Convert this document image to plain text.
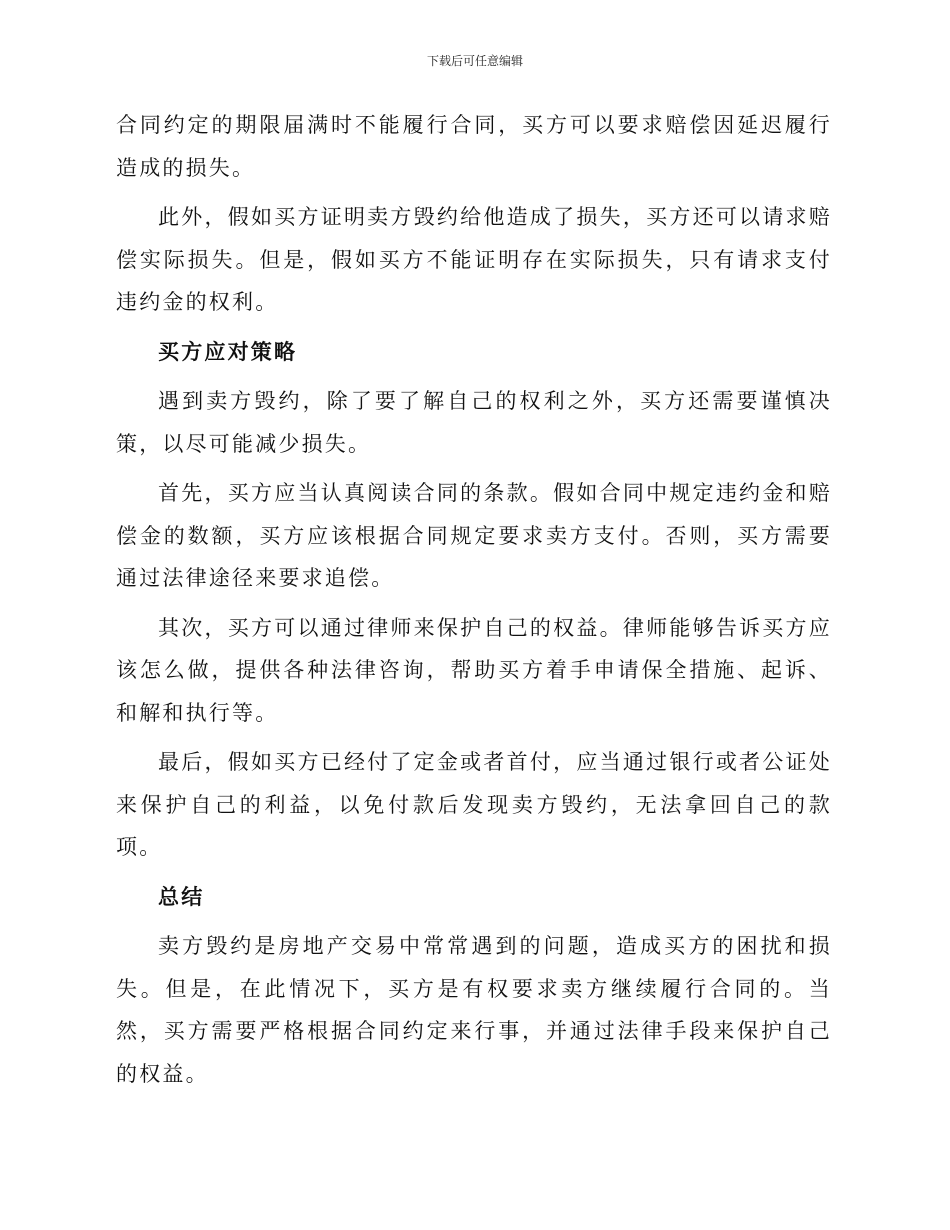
下载后可任意编辑

合同约定的期限届满时不能履行合同，买方可以要求赔偿因延迟履行造成的损失。

此外，假如买方证明卖方毁约给他造成了损失，买方还可以请求赔偿实际损失。但是，假如买方不能证明存在实际损失，只有请求支付违约金的权利。

买方应对策略

遇到卖方毁约，除了要了解自己的权利之外，买方还需要谨慎决策，以尽可能减少损失。

首先，买方应当认真阅读合同的条款。假如合同中规定违约金和赔偿金的数额，买方应该根据合同规定要求卖方支付。否则，买方需要通过法律途径来要求追偿。

其次，买方可以通过律师来保护自己的权益。律师能够告诉买方应该怎么做，提供各种法律咨询，帮助买方着手申请保全措施、起诉、和解和执行等。

最后，假如买方已经付了定金或者首付，应当通过银行或者公证处来保护自己的利益，以免付款后发现卖方毁约，无法拿回自己的款项。

总结

卖方毁约是房地产交易中常常遇到的问题，造成买方的困扰和损失。但是，在此情况下，买方是有权要求卖方继续履行合同的。当然，买方需要严格根据合同约定来行事，并通过法律手段来保护自己的权益。
